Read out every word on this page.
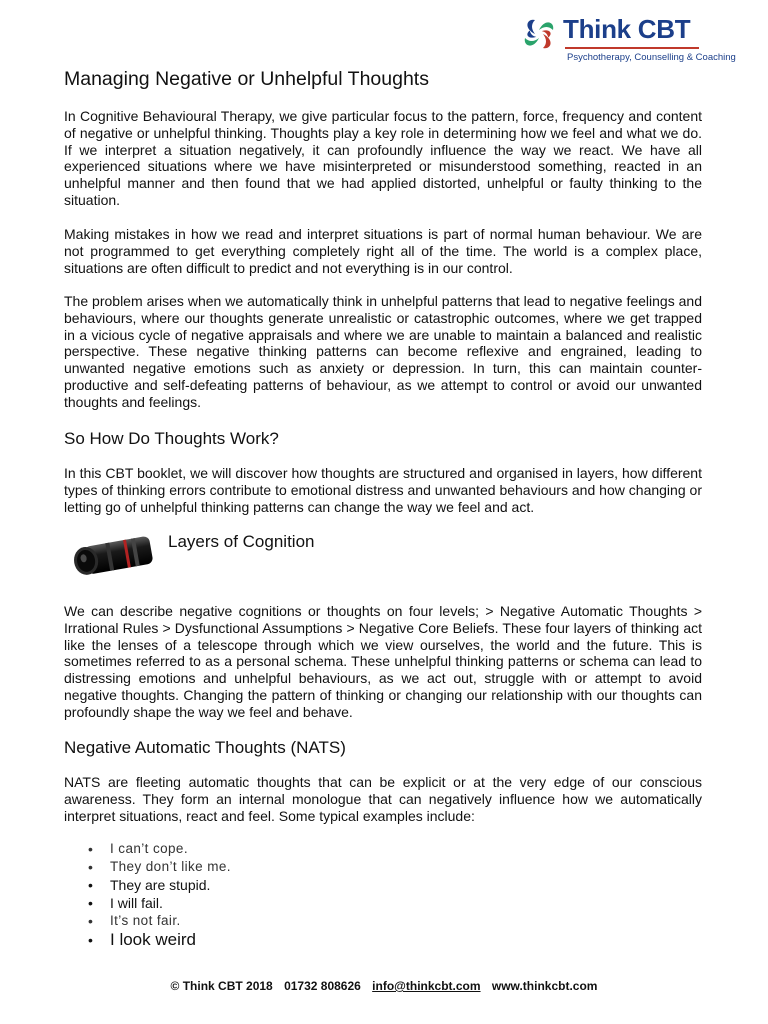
Think CBT
Psychotherapy, Counselling & Coaching
Managing Negative or Unhelpful Thoughts

In Cognitive Behavioural Therapy, we give particular focus to the pattern, force, frequency and content of negative or unhelpful thinking. Thoughts play a key role in determining how we feel and what we do. If we interpret a situation negatively, it can profoundly influence the way we react. We have all experienced situations where we have misinterpreted or misunderstood something, reacted in an unhelpful manner and then found that we had applied distorted, unhelpful or faulty thinking to the situation.

Making mistakes in how we read and interpret situations is part of normal human behaviour. We are not programmed to get everything completely right all of the time. The world is a complex place, situations are often difficult to predict and not everything is in our control.

The problem arises when we automatically think in unhelpful patterns that lead to negative feelings and behaviours, where our thoughts generate unrealistic or catastrophic outcomes, where we get trapped in a vicious cycle of negative appraisals and where we are unable to maintain a balanced and realistic perspective. These negative thinking patterns can become reflexive and engrained, leading to unwanted negative emotions such as anxiety or depression. In turn, this can maintain counter-productive and self-defeating patterns of behaviour, as we attempt to control or avoid our unwanted thoughts and feelings.

So How Do Thoughts Work?

In this CBT booklet, we will discover how thoughts are structured and organised in layers, how different types of thinking errors contribute to emotional distress and unwanted behaviours and how changing or letting go of unhelpful thinking patterns can change the way we feel and act.

We can describe negative cognitions or thoughts on four levels; > Negative Automatic Thoughts > Irrational Rules > Dysfunctional Assumptions > Negative Core Beliefs. These four layers of thinking act like the lenses of a telescope through which we view ourselves, the world and the future. This is sometimes referred to as a personal schema. These unhelpful thinking patterns or schema can lead to distressing emotions and unhelpful behaviours, as we act out, struggle with or attempt to avoid negative thoughts. Changing the pattern of thinking or changing our relationship with our thoughts can profoundly shape the way we feel and behave.

Negative Automatic Thoughts (NATS)

NATS are fleeting automatic thoughts that can be explicit or at the very edge of our conscious awareness. They form an internal monologue that can negatively influence how we automatically interpret situations, react and feel. Some typical examples include:

Layers of Cognition
• I can’t cope.
• They don’t like me.
• They are stupid.
• I will fail.
• It’s not fair.
• I look weird
© Think CBT 2018 01732 808626 info@thinkcbt.com www.thinkcbt.com
